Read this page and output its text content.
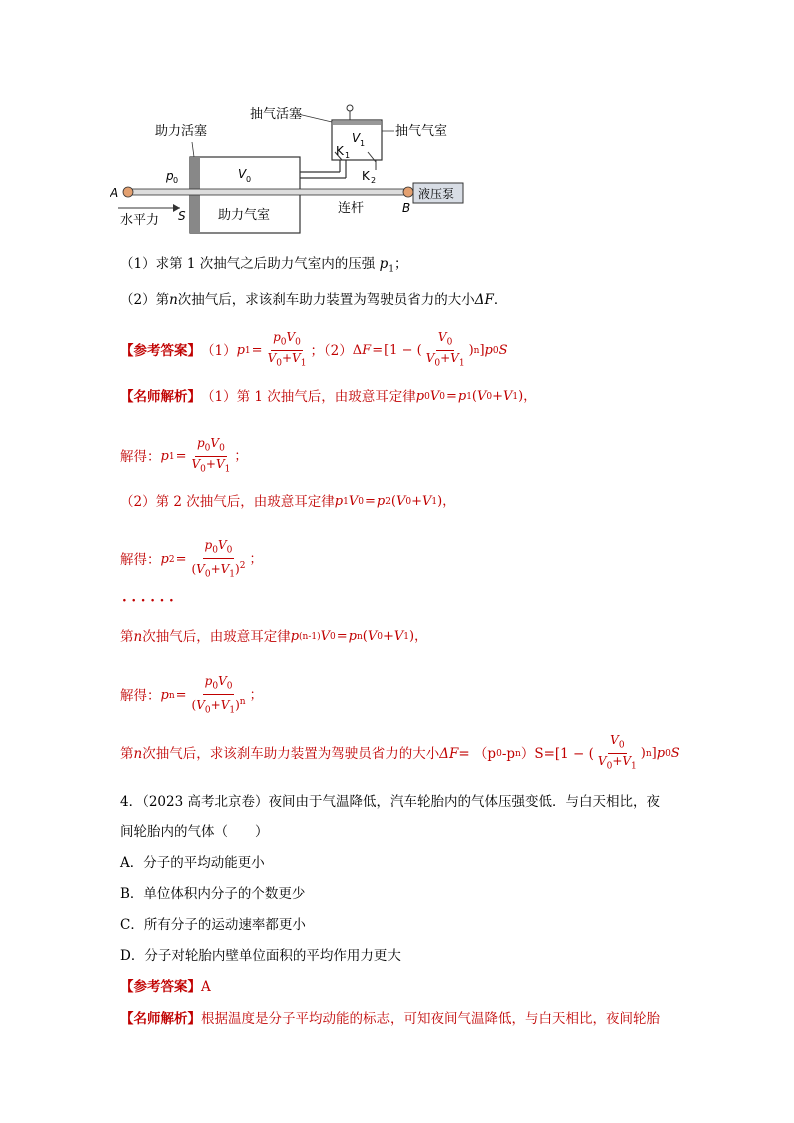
抽气活塞
抽气气室
助力活塞	V 1
K 1
K 2
p 0	V 0
A
S
水平力	助力气室	连杆	B
液压泵
（1）求第 1 次抽气之后助力气室内的压强 $p_1$；
（2）第n次抽气后，求该刹车助力装置为驾驶员省力的大小ΔF．
【参考答案】 （1） p $1 = \frac{p_0V_0}{V_0+V_1}$ ；（2） Δ F = [1 − ( $\frac{V_0}{V_0+V_1}$ ) n ] p 0 S
【名师解析】 （1）第 1 次抽气后，由玻意耳定律 p 0 V 0 = p 1 ( V 0 + V 1 )，
解得： p $1 = \frac{p_0V_0}{V_0+V_1}$ ；
（2）第 2 次抽气后，由玻意耳定律 p 1 V 0 = p 2 ( V 0 + V 1 )，
解得： p $2 = \frac{p_0V_0}{(V_0+V_1)^2}$ ；
· · · · · ·
第 n 次抽气后，由玻意耳定律 p (n-1) V 0 = p n ( V 0 + V 1 )，
解得： p $n = \frac{p_0V_0}{(V_0+V_1)^n}$ ；
第 n 次抽气后，求该刹车助力装置为驾驶员省力的大小 ΔF = （p 0 -p n ）S=[1 − ( $\frac{V_0}{V_0+V_1}$ ) n ] p 0 S
4．（2023 高考北京卷）夜间由于气温降低，汽车轮胎内的气体压强变低．与白天相比，夜
间轮胎内的气体（　　）
A．分子的平均动能更小
B．单位体积内分子的个数更少
C．所有分子的运动速率都更小
D．分子对轮胎内壁单位面积的平均作用力更大
【参考答案】A
【名师解析】根据温度是分子平均动能的标志，可知夜间气温降低，与白天相比，夜间轮胎
